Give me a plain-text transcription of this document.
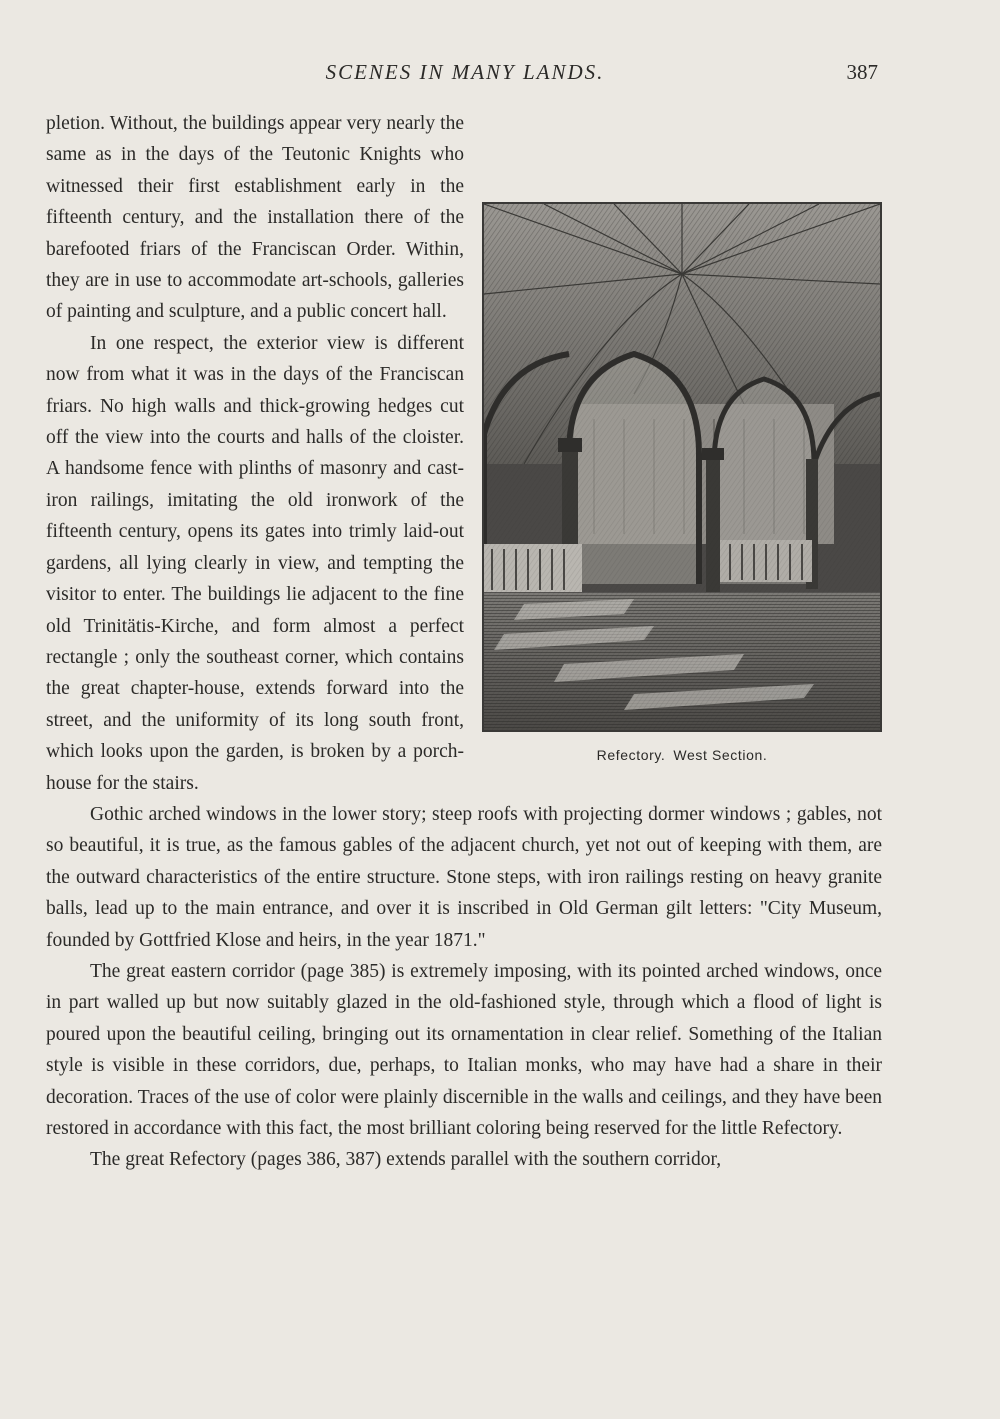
SCENES IN MANY LANDS.	387
Refectory. West Section.

pletion. Without, the buildings appear very nearly the same as in the days of the Teutonic Knights who witnessed their first establishment early in the fifteenth century, and the installation there of the barefooted friars of the Franciscan Order. Within, they are in use to accommodate art-schools, galleries of painting and sculpture, and a public concert hall.

In one respect, the exterior view is different now from what it was in the days of the Franciscan friars. No high walls and thick-growing hedges cut off the view into the courts and halls of the cloister. A handsome fence with plinths of masonry and cast-iron railings, imitating the old ironwork of the fifteenth century, opens its gates into trimly laid-out gardens, all lying clearly in view, and tempting the visitor to enter. The buildings lie adjacent to the fine old Trinitätis-Kirche, and form almost a perfect rectangle ; only the southeast corner, which contains the great chapter-house, extends forward into the street, and the uniformity of its long south front, which looks upon the garden, is broken by a porch-house for the stairs.

Gothic arched windows in the lower story; steep roofs with projecting dormer windows ; gables, not so beautiful, it is true, as the famous gables of the adjacent church, yet not out of keeping with them, are the outward characteristics of the entire structure. Stone steps, with iron railings resting on heavy granite balls, lead up to the main entrance, and over it is inscribed in Old German gilt letters: "City Museum, founded by Gottfried Klose and heirs, in the year 1871."

The great eastern corridor (page 385) is extremely imposing, with its pointed arched windows, once in part walled up but now suitably glazed in the old-fashioned style, through which a flood of light is poured upon the beautiful ceiling, bringing out its ornamentation in clear relief. Something of the Italian style is visible in these corridors, due, perhaps, to Italian monks, who may have had a share in their decoration. Traces of the use of color were plainly discernible in the walls and ceilings, and they have been restored in accordance with this fact, the most brilliant coloring being reserved for the little Refectory.

The great Refectory (pages 386, 387) extends parallel with the southern corridor,
